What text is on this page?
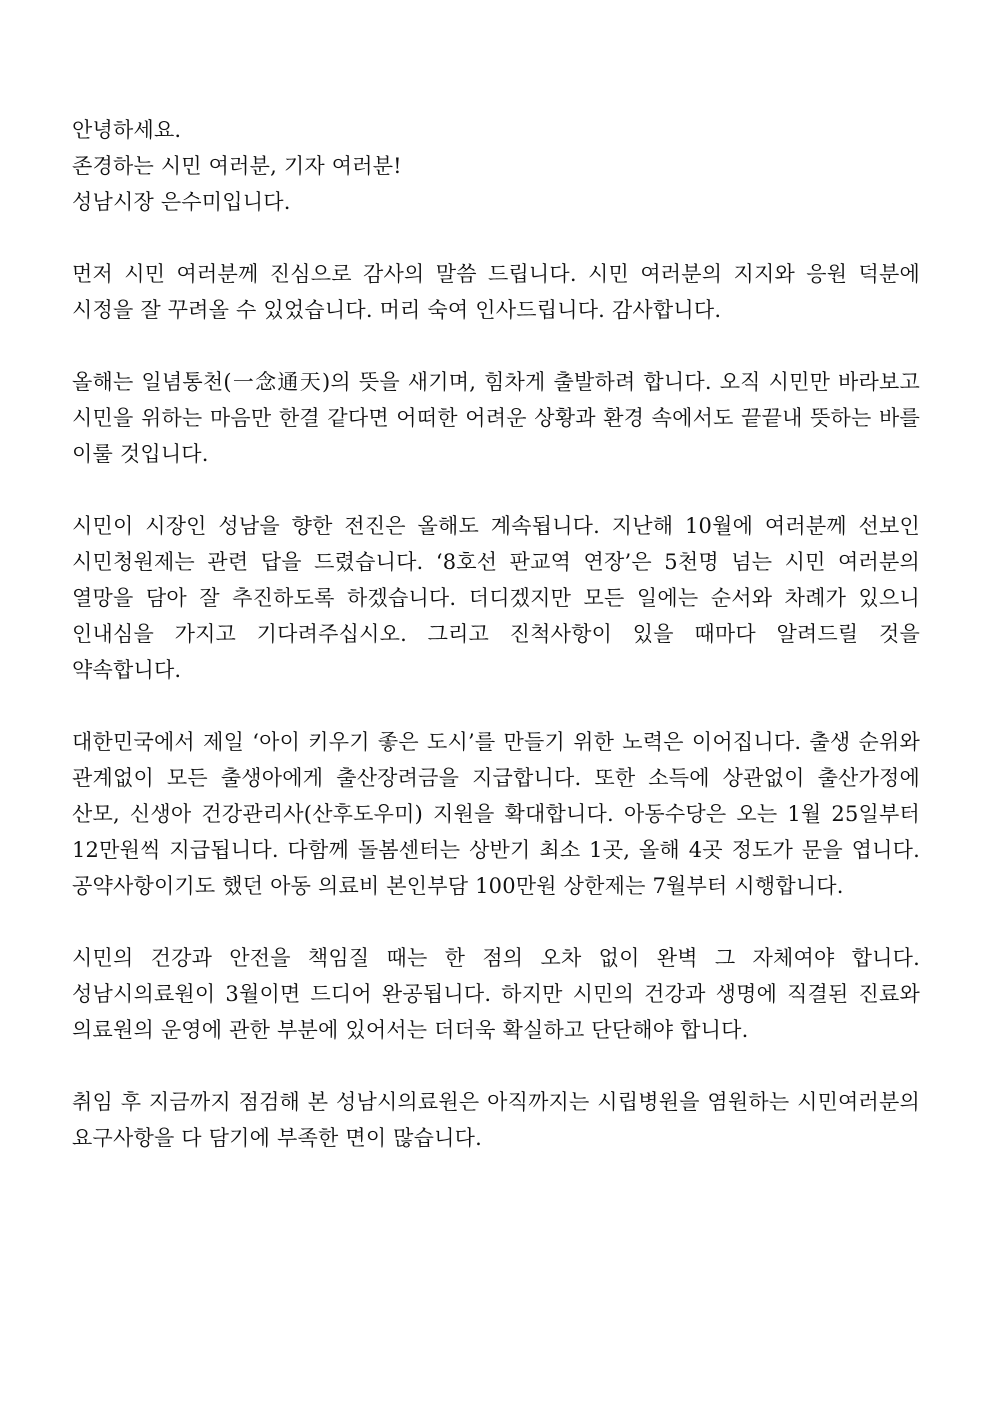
안녕하세요.
존경하는 시민 여러분, 기자 여러분!
성남시장 은수미입니다.

먼저 시민 여러분께 진심으로 감사의 말씀 드립니다. 시민 여러분의 지지와 응원 덕분에 시정을 잘 꾸려올 수 있었습니다. 머리 숙여 인사드립니다. 감사합니다.

올해는 일념통천(一念通天)의 뜻을 새기며, 힘차게 출발하려 합니다. 오직 시민만 바라보고 시민을 위하는 마음만 한결 같다면 어떠한 어려운 상황과 환경 속에서도 끝끝내 뜻하는 바를 이룰 것입니다.

시민이 시장인 성남을 향한 전진은 올해도 계속됩니다. 지난해 10월에 여러분께 선보인 시민청원제는 관련 답을 드렸습니다. ‘8호선 판교역 연장’은 5천명 넘는 시민 여러분의 열망을 담아 잘 추진하도록 하겠습니다. 더디겠지만 모든 일에는 순서와 차례가 있으니 인내심을 가지고 기다려주십시오. 그리고 진척사항이 있을 때마다 알려드릴 것을 약속합니다.

대한민국에서 제일 ‘아이 키우기 좋은 도시’를 만들기 위한 노력은 이어집니다. 출생 순위와 관계없이 모든 출생아에게 출산장려금을 지급합니다. 또한 소득에 상관없이 출산가정에 산모, 신생아 건강관리사(산후도우미) 지원을 확대합니다. 아동수당은 오는 1월 25일부터 12만원씩 지급됩니다. 다함께 돌봄센터는 상반기 최소 1곳, 올해 4곳 정도가 문을 엽니다. 공약사항이기도 했던 아동 의료비 본인부담 100만원 상한제는 7월부터 시행합니다.

시민의 건강과 안전을 책임질 때는 한 점의 오차 없이 완벽 그 자체여야 합니다. 성남시의료원이 3월이면 드디어 완공됩니다. 하지만 시민의 건강과 생명에 직결된 진료와 의료원의 운영에 관한 부분에 있어서는 더더욱 확실하고 단단해야 합니다.

취임 후 지금까지 점검해 본 성남시의료원은 아직까지는 시립병원을 염원하는 시민여러분의 요구사항을 다 담기에 부족한 면이 많습니다.
